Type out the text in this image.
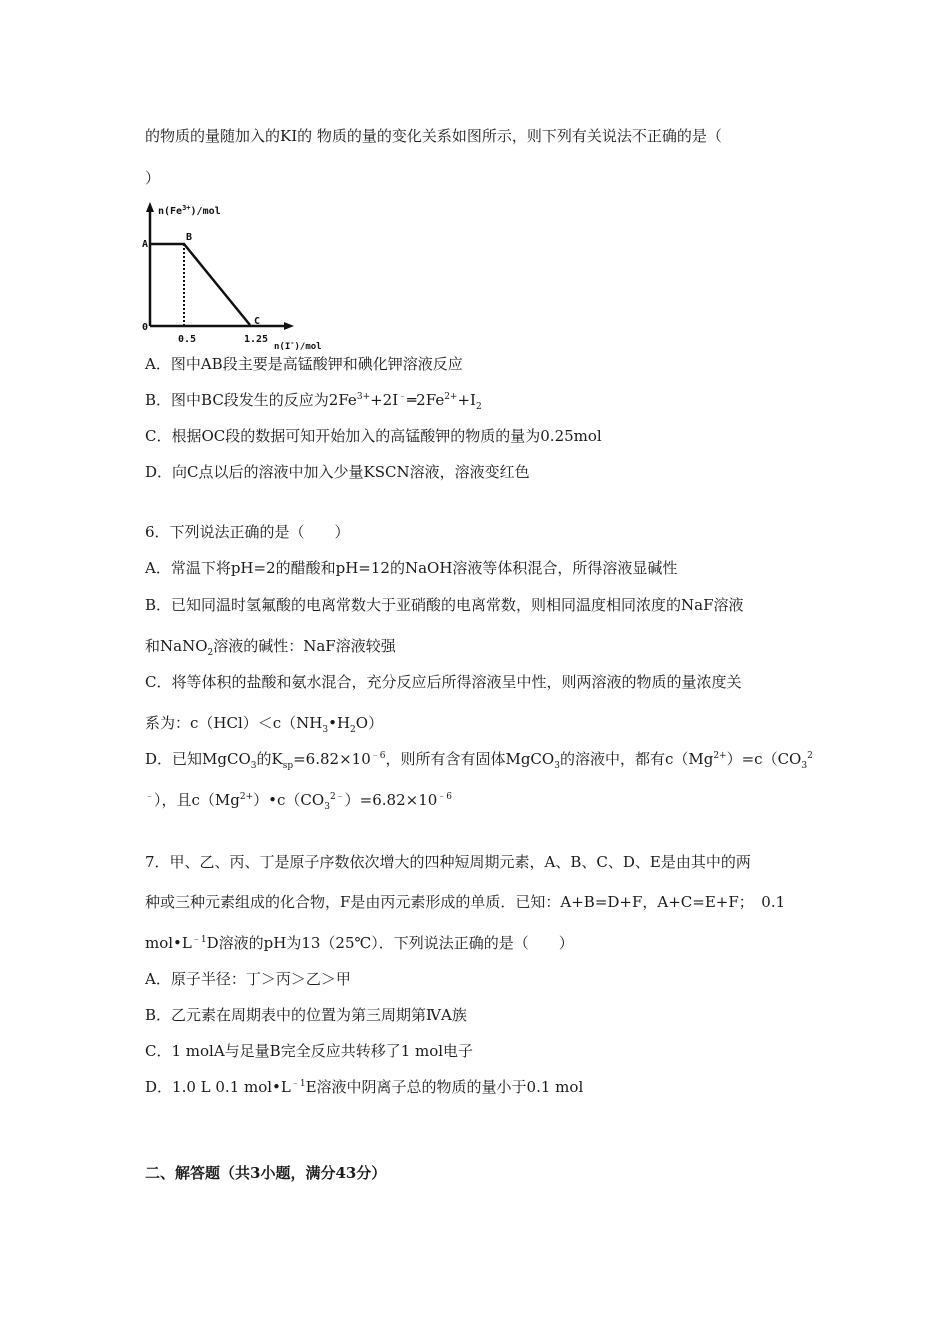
的物质的量随加入的KI的 物质的量的变化关系如图所示，则下列有关说法不正确的是（
）
$n(Fe^{3+})$/mol
A
B
C
0
0.5	1.25
n(I-)/mol
A．图中AB段主要是高锰酸钾和碘化钾溶液反应
B．图中BC段发生的反应为$2Fe^{3+}+2I^﹣═2Fe^{2+}+I_2$
C．根据OC段的数据可知开始加入的高锰酸钾的物质的量为0.25mol
D．向C点以后的溶液中加入少量KSCN溶液，溶液变红色
6．下列说法正确的是（　　）
A．常温下将pH=2的醋酸和pH=12的NaOH溶液等体积混合，所得溶液显碱性
B．已知同温时氢氟酸的电离常数大于亚硝酸的电离常数，则相同温度相同浓度的NaF溶液
和NaNO$_2$溶液的碱性：NaF溶液较强
C．将等体积的盐酸和氨水混合，充分反应后所得溶液呈中性，则两溶液的物质的量浓度关
系为：$c(HCl)<c(NH_3•H_2O)$
D．已知MgCO$_3$的$K_{sp}=6.82\times 10^{﹣6}$，则所有含有固体MgCO$_3$的溶液中，都有$c(Mg^{2+})=c(CO_3^2$
﹣），且$c(Mg^{2+})•c(CO_3^{2﹣})=6.82\times 10^{﹣6}$
7．甲、乙、丙、丁是原子序数依次增大的四种短周期元素，A、B、C、D、E是由其中的两
种或三种元素组成的化合物，F是由丙元素形成的单质．已知：A+B=D+F，A+C=E+F；　0.1
$mol•L^{﹣1}D$溶液的pH为13（25℃）．下列说法正确的是（　　）
A．原子半径：丁＞丙＞乙＞甲
B．乙元素在周期表中的位置为第三周期第ⅣA族
C．1 molA与足量B完全反应共转移了1 mol电子
D．1.0 L 0.1 $mol•L^{﹣1}E$溶液中阴离子总的物质的量小于0.1 mol
二、解答题（共3小题，满分43分）
